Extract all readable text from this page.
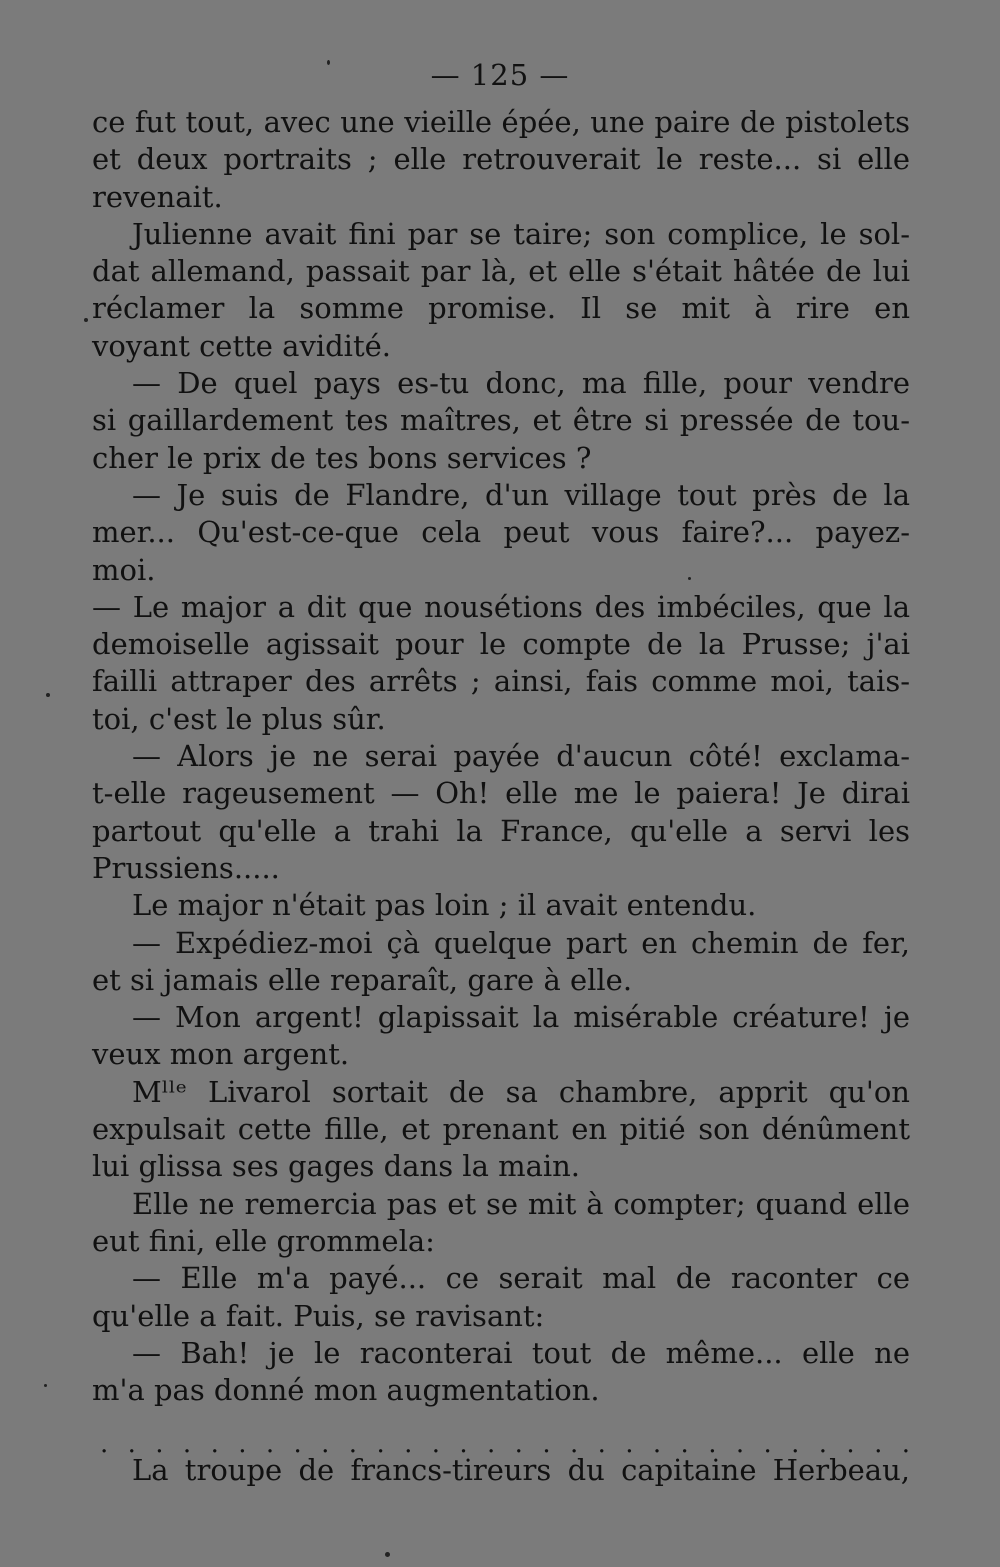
— 125 —
ce fut tout, avec une vieille épée, une paire de pistolets
et deux portraits ; elle retrouverait le reste... si elle
revenait.
Julienne avait fini par se taire; son complice, le sol-
dat allemand, passait par là, et elle s'était hâtée de lui
réclamer la somme promise. Il se mit à rire en
voyant cette avidité.
— De quel pays es-tu donc, ma fille, pour vendre
si gaillardement tes maîtres, et être si pressée de tou-
cher le prix de tes bons services ?
— Je suis de Flandre, d'un village tout près de la
mer... Qu'est-ce-que cela peut vous faire?... payez-
moi.
— Le major a dit que nousétions des imbéciles, que la
demoiselle agissait pour le compte de la Prusse; j'ai
failli attraper des arrêts ; ainsi, fais comme moi, tais-
toi, c'est le plus sûr.
— Alors je ne serai payée d'aucun côté! exclama-
t-elle rageusement — Oh! elle me le paiera! Je dirai
partout qu'elle a trahi la France, qu'elle a servi les
Prussiens.....
Le major n'était pas loin ; il avait entendu.
— Expédiez-moi çà quelque part en chemin de fer,
et si jamais elle reparaît, gare à elle.
— Mon argent! glapissait la misérable créature! je
veux mon argent.
Mˡˡᵉ Livarol sortait de sa chambre, apprit qu'on
expulsait cette fille, et prenant en pitié son dénûment
lui glissa ses gages dans la main.
Elle ne remercia pas et se mit à compter; quand elle
eut fini, elle grommela:
— Elle m'a payé... ce serait mal de raconter ce
qu'elle a fait. Puis, se ravisant:
— Bah! je le raconterai tout de même... elle ne
m'a pas donné mon augmentation.
. . . . . . . . . . . . . . . . . . . . . . . . . . . . . .
La troupe de francs-tireurs du capitaine Herbeau,
